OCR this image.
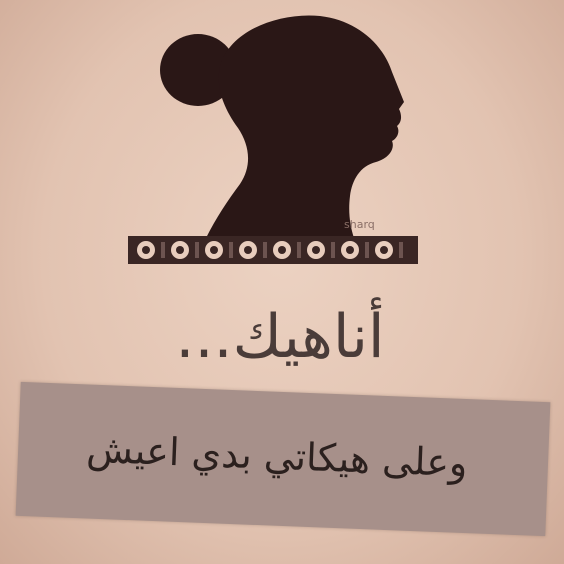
sharq
أناهيك...
وعلى هيكاتي بدي اعيش
